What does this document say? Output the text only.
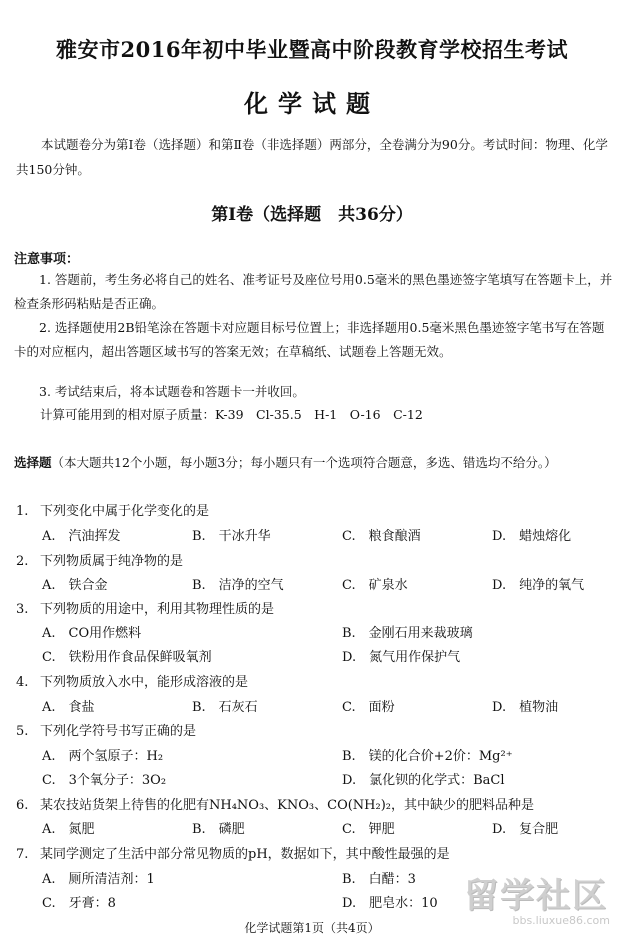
雅安市2016年初中毕业暨高中阶段教育学校招生考试
化学试题
本试题卷分为第Ⅰ卷（选择题）和第Ⅱ卷（非选择题）两部分，全卷满分为90分。考试时间：物理、化学共150分钟。
第Ⅰ卷（选择题　共36分）
注意事项：
1. 答题前，考生务必将自己的姓名、准考证号及座位号用0.5毫米的黑色墨迹签字笔填写在答题卡上，并检查条形码粘贴是否正确。
2. 选择题使用2B铅笔涂在答题卡对应题目标号位置上；非选择题用0.5毫米黑色墨迹签字笔书写在答题卡的对应框内，超出答题区域书写的答案无效；在草稿纸、试题卷上答题无效。
3. 考试结束后，将本试题卷和答题卡一并收回。
计算可能用到的相对原子质量：K-39　Cl-35.5　H-1　O-16　C-12
选择题（本大题共12个小题，每小题3分；每小题只有一个选项符合题意，多选、错选均不给分。）
1. 下列变化中属于化学变化的是
A.　汽油挥发	B.　干冰升华	C.　粮食酿酒	D.　蜡烛熔化
2. 下列物质属于纯净物的是
A.　铁合金	B.　洁净的空气	C.　矿泉水	D.　纯净的氧气
3. 下列物质的用途中，利用其物理性质的是
A.　CO用作燃料	B.　金刚石用来裁玻璃
C.　铁粉用作食品保鲜吸氧剂	D.　氮气用作保护气
4. 下列物质放入水中，能形成溶液的是
A.　食盐	B.　石灰石	C.　面粉	D.　植物油
5. 下列化学符号书写正确的是
A.　两个氢原子：H₂	B.　镁的化合价+2价：Mg²⁺
C.　3个氧分子：3O₂	D.　氯化钡的化学式：BaCl
6. 某农技站货架上待售的化肥有NH₄NO₃、KNO₃、CO(NH₂)₂，其中缺少的肥料品种是
A.　氮肥	B.　磷肥	C.　钾肥	D.　复合肥
7. 某同学测定了生活中部分常见物质的pH，数据如下，其中酸性最强的是
A.　厕所清洁剂：1	B.　白醋：3
C.　牙膏：8	D.　肥皂水：10
化学试题第1页（共4页）
留学社区
bbs.liuxue86.com
